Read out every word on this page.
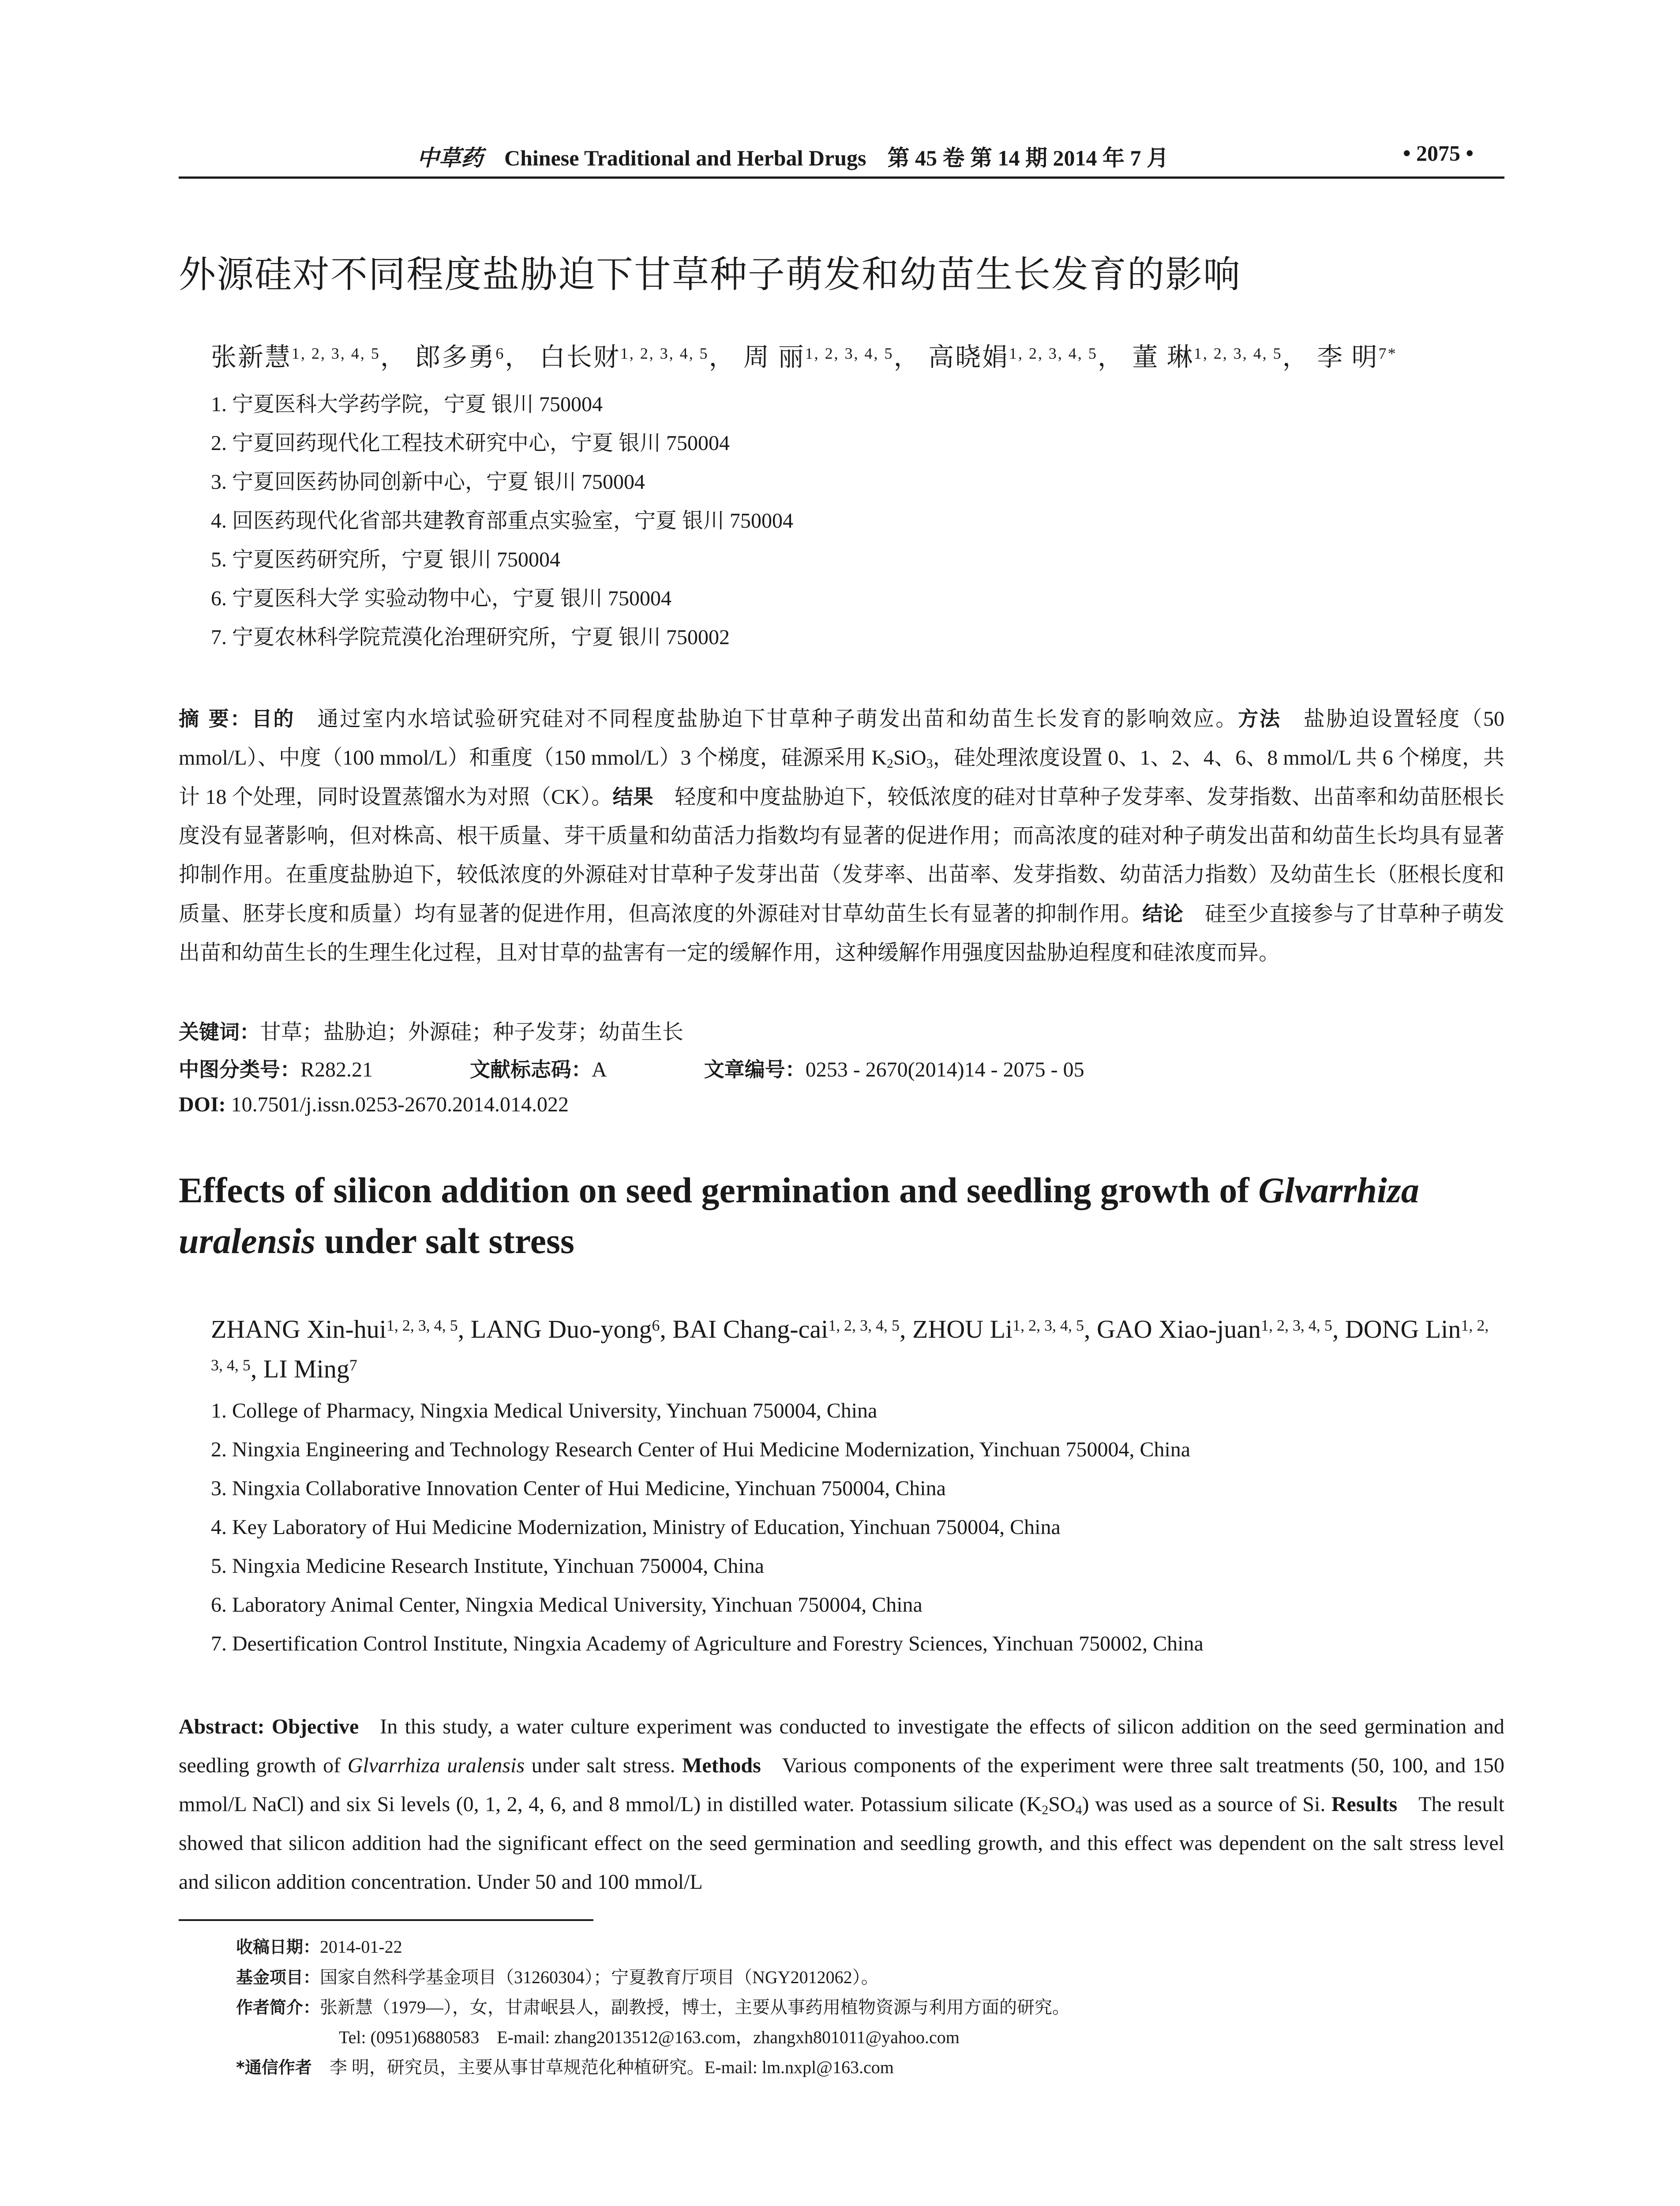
中草药 Chinese Traditional and Herbal Drugs 第 45 卷 第 14 期 2014 年 7 月	• 2075 •
外源硅对不同程度盐胁迫下甘草种子萌发和幼苗生长发育的影响
张新慧$^{1, 2, 3, 4, 5}$， 郎多勇$^6$， 白长财$^{1, 2, 3, 4, 5}$， 周 丽$^{1, 2, 3, 4, 5}$， 高晓娟$^{1, 2, 3, 4, 5}$， 董 琳$^{1, 2, 3, 4, 5}$， 李 明$^{7*}$
1. 宁夏医科大学药学院，宁夏 银川 750004
2. 宁夏回药现代化工程技术研究中心，宁夏 银川 750004
3. 宁夏回医药协同创新中心，宁夏 银川 750004
4. 回医药现代化省部共建教育部重点实验室，宁夏 银川 750004
5. 宁夏医药研究所，宁夏 银川 750004
6. 宁夏医科大学 实验动物中心，宁夏 银川 750004
7. 宁夏农林科学院荒漠化治理研究所，宁夏 银川 750002

摘 要：目的 通过室内水培试验研究硅对不同程度盐胁迫下甘草种子萌发出苗和幼苗生长发育的影响效应。方法 盐胁迫设置轻度（50 mmol/L）、中度（100 mmol/L）和重度（150 mmol/L）3 个梯度，硅源采用 $K_2SiO_3$，硅处理浓度设置 0、1、2、4、6、8 mmol/L 共 6 个梯度，共计 18 个处理，同时设置蒸馏水为对照（CK）。结果 轻度和中度盐胁迫下，较低浓度的硅对甘草种子发芽率、发芽指数、出苗率和幼苗胚根长度没有显著影响，但对株高、根干质量、芽干质量和幼苗活力指数均有显著的促进作用；而高浓度的硅对种子萌发出苗和幼苗生长均具有显著抑制作用。在重度盐胁迫下，较低浓度的外源硅对甘草种子发芽出苗（发芽率、出苗率、发芽指数、幼苗活力指数）及幼苗生长（胚根长度和质量、胚芽长度和质量）均有显著的促进作用，但高浓度的外源硅对甘草幼苗生长有显著的抑制作用。结论 硅至少直接参与了甘草种子萌发出苗和幼苗生长的生理生化过程，且对甘草的盐害有一定的缓解作用，这种缓解作用强度因盐胁迫程度和硅浓度而异。

关键词：甘草；盐胁迫；外源硅；种子发芽；幼苗生长
中图分类号：R282.21	文献标志码：A	文章编号：0253 - 2670(2014)14 - 2075 - 05
DOI: 10.7501/j.issn.0253-2670.2014.014.022

Effects of silicon addition on seed germination and seedling growth of Glvarrhiza uralensis under salt stress

ZHANG Xin-hui$^{1, 2, 3, 4, 5}$, LANG Duo-yong$^6$, BAI Chang-cai$^{1, 2, 3, 4, 5}$, ZHOU Li$^{1, 2, 3, 4, 5}$, GAO Xiao-juan$^{1, 2, 3, 4, 5}$, DONG Lin$^{1, 2, 3, 4, 5}$, LI Ming$^7$

1. College of Pharmacy, Ningxia Medical University, Yinchuan 750004, China
2. Ningxia Engineering and Technology Research Center of Hui Medicine Modernization, Yinchuan 750004, China
3. Ningxia Collaborative Innovation Center of Hui Medicine, Yinchuan 750004, China
4. Key Laboratory of Hui Medicine Modernization, Ministry of Education, Yinchuan 750004, China
5. Ningxia Medicine Research Institute, Yinchuan 750004, China
6. Laboratory Animal Center, Ningxia Medical University, Yinchuan 750004, China
7. Desertification Control Institute, Ningxia Academy of Agriculture and Forestry Sciences, Yinchuan 750002, China

Abstract: Objective In this study, a water culture experiment was conducted to investigate the effects of silicon addition on the seed germination and seedling growth of Glvarrhiza uralensis under salt stress. Methods Various components of the experiment were three salt treatments (50, 100, and 150 mmol/L NaCl) and six Si levels (0, 1, 2, 4, 6, and 8 mmol/L) in distilled water. Potassium silicate $(K_2SO_4)$ was used as a source of Si. Results The result showed that silicon addition had the significant effect on the seed germination and seedling growth, and this effect was dependent on the salt stress level and silicon addition concentration. Under 50 and 100 mmol/L

收稿日期：2014-01-22
基金项目：国家自然科学基金项目（31260304）；宁夏教育厅项目（NGY2012062）。
作者简介：张新慧（1979—），女，甘肃岷县人，副教授，博士，主要从事药用植物资源与利用方面的研究。
Tel: (0951)6880583    E-mail: zhang2013512@163.com，zhangxh801011@yahoo.com
*通信作者 李 明，研究员，主要从事甘草规范化种植研究。E-mail: lm.nxpl@163.com
